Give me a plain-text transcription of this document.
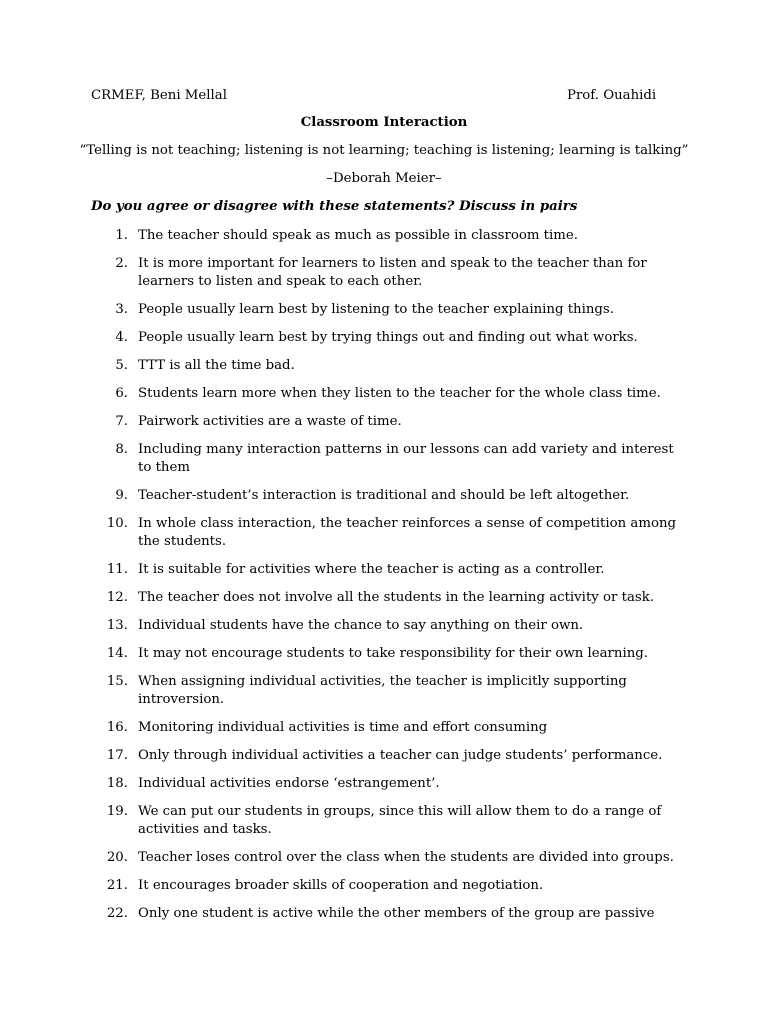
CRMEF, Beni Mellal	Prof. Ouahidi
Classroom Interaction
“Telling is not teaching; listening is not learning; teaching is listening; learning is talking”
–Deborah Meier–
Do you agree or disagree with these statements? Discuss in pairs
1. The teacher should speak as much as possible in classroom time.
2. It is more important for learners to listen and speak to the teacher than for learners to listen and speak to each other.
3. People usually learn best by listening to the teacher explaining things.
4. People usually learn best by trying things out and finding out what works.
5. TTT is all the time bad.
6. Students learn more when they listen to the teacher for the whole class time.
7. Pairwork activities are a waste of time.
8. Including many interaction patterns in our lessons can add variety and interest to them
9. Teacher-student’s interaction is traditional and should be left altogether.
10. In whole class interaction, the teacher reinforces a sense of competition among the students.
11. It is suitable for activities where the teacher is acting as a controller.
12. The teacher does not involve all the students in the learning activity or task.
13. Individual students have the chance to say anything on their own.
14. It may not encourage students to take responsibility for their own learning.
15. When assigning individual activities, the teacher is implicitly supporting introversion.
16. Monitoring individual activities is time and effort consuming
17. Only through individual activities a teacher can judge students’ performance.
18. Individual activities endorse ‘estrangement’.
19. We can put our students in groups, since this will allow them to do a range of activities and tasks.
20. Teacher loses control over the class when the students are divided into groups.
21. It encourages broader skills of cooperation and negotiation.
22. Only one student is active while the other members of the group are passive
